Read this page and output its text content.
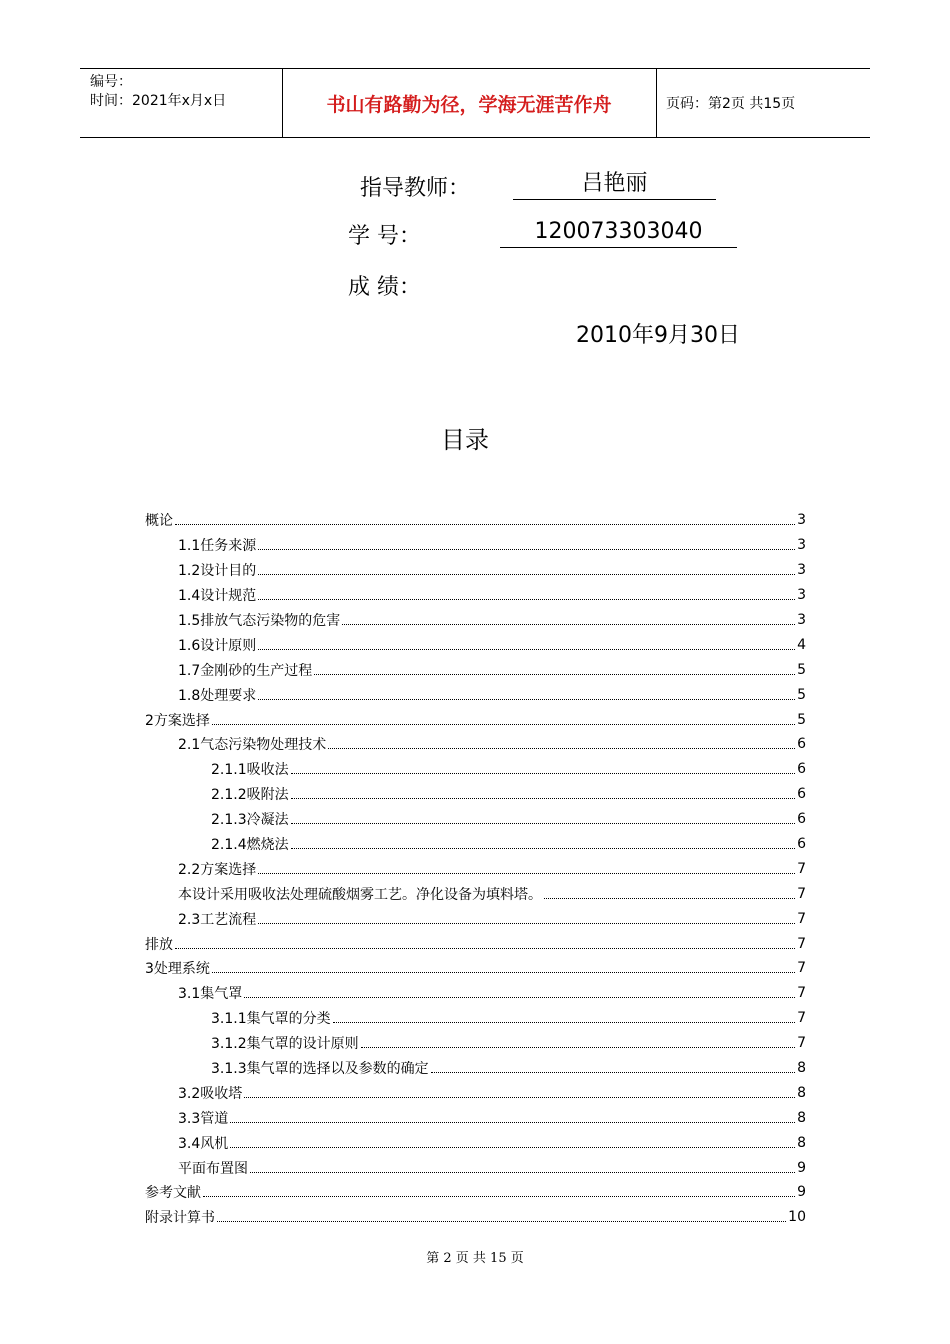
编号：
时间：2021年x月x日	书山有路勤为径，学海无涯苦作舟	页码：第2页 共15页
指导教师：	吕艳丽
学 号：	120073303040
成 绩：
2010年9月30日
目录
概论	3
1.1任务来源	3
1.2设计目的	3
1.4设计规范	3
1.5排放气态污染物的危害	3
1.6设计原则	4
1.7金刚砂的生产过程	5
1.8处理要求	5
2方案选择	5
2.1气态污染物处理技术	6
2.1.1吸收法	6
2.1.2吸附法	6
2.1.3冷凝法	6
2.1.4燃烧法	6
2.2方案选择	7
本设计采用吸收法处理硫酸烟雾工艺。净化设备为填料塔。	7
2.3工艺流程	7
排放	7
3处理系统	7
3.1集气罩	7
3.1.1集气罩的分类	7
3.1.2集气罩的设计原则	7
3.1.3集气罩的选择以及参数的确定	8
3.2吸收塔	8
3.3管道	8
3.4风机	8
平面布置图	9
参考文献	9
附录计算书	10
第 2 页 共 15 页
